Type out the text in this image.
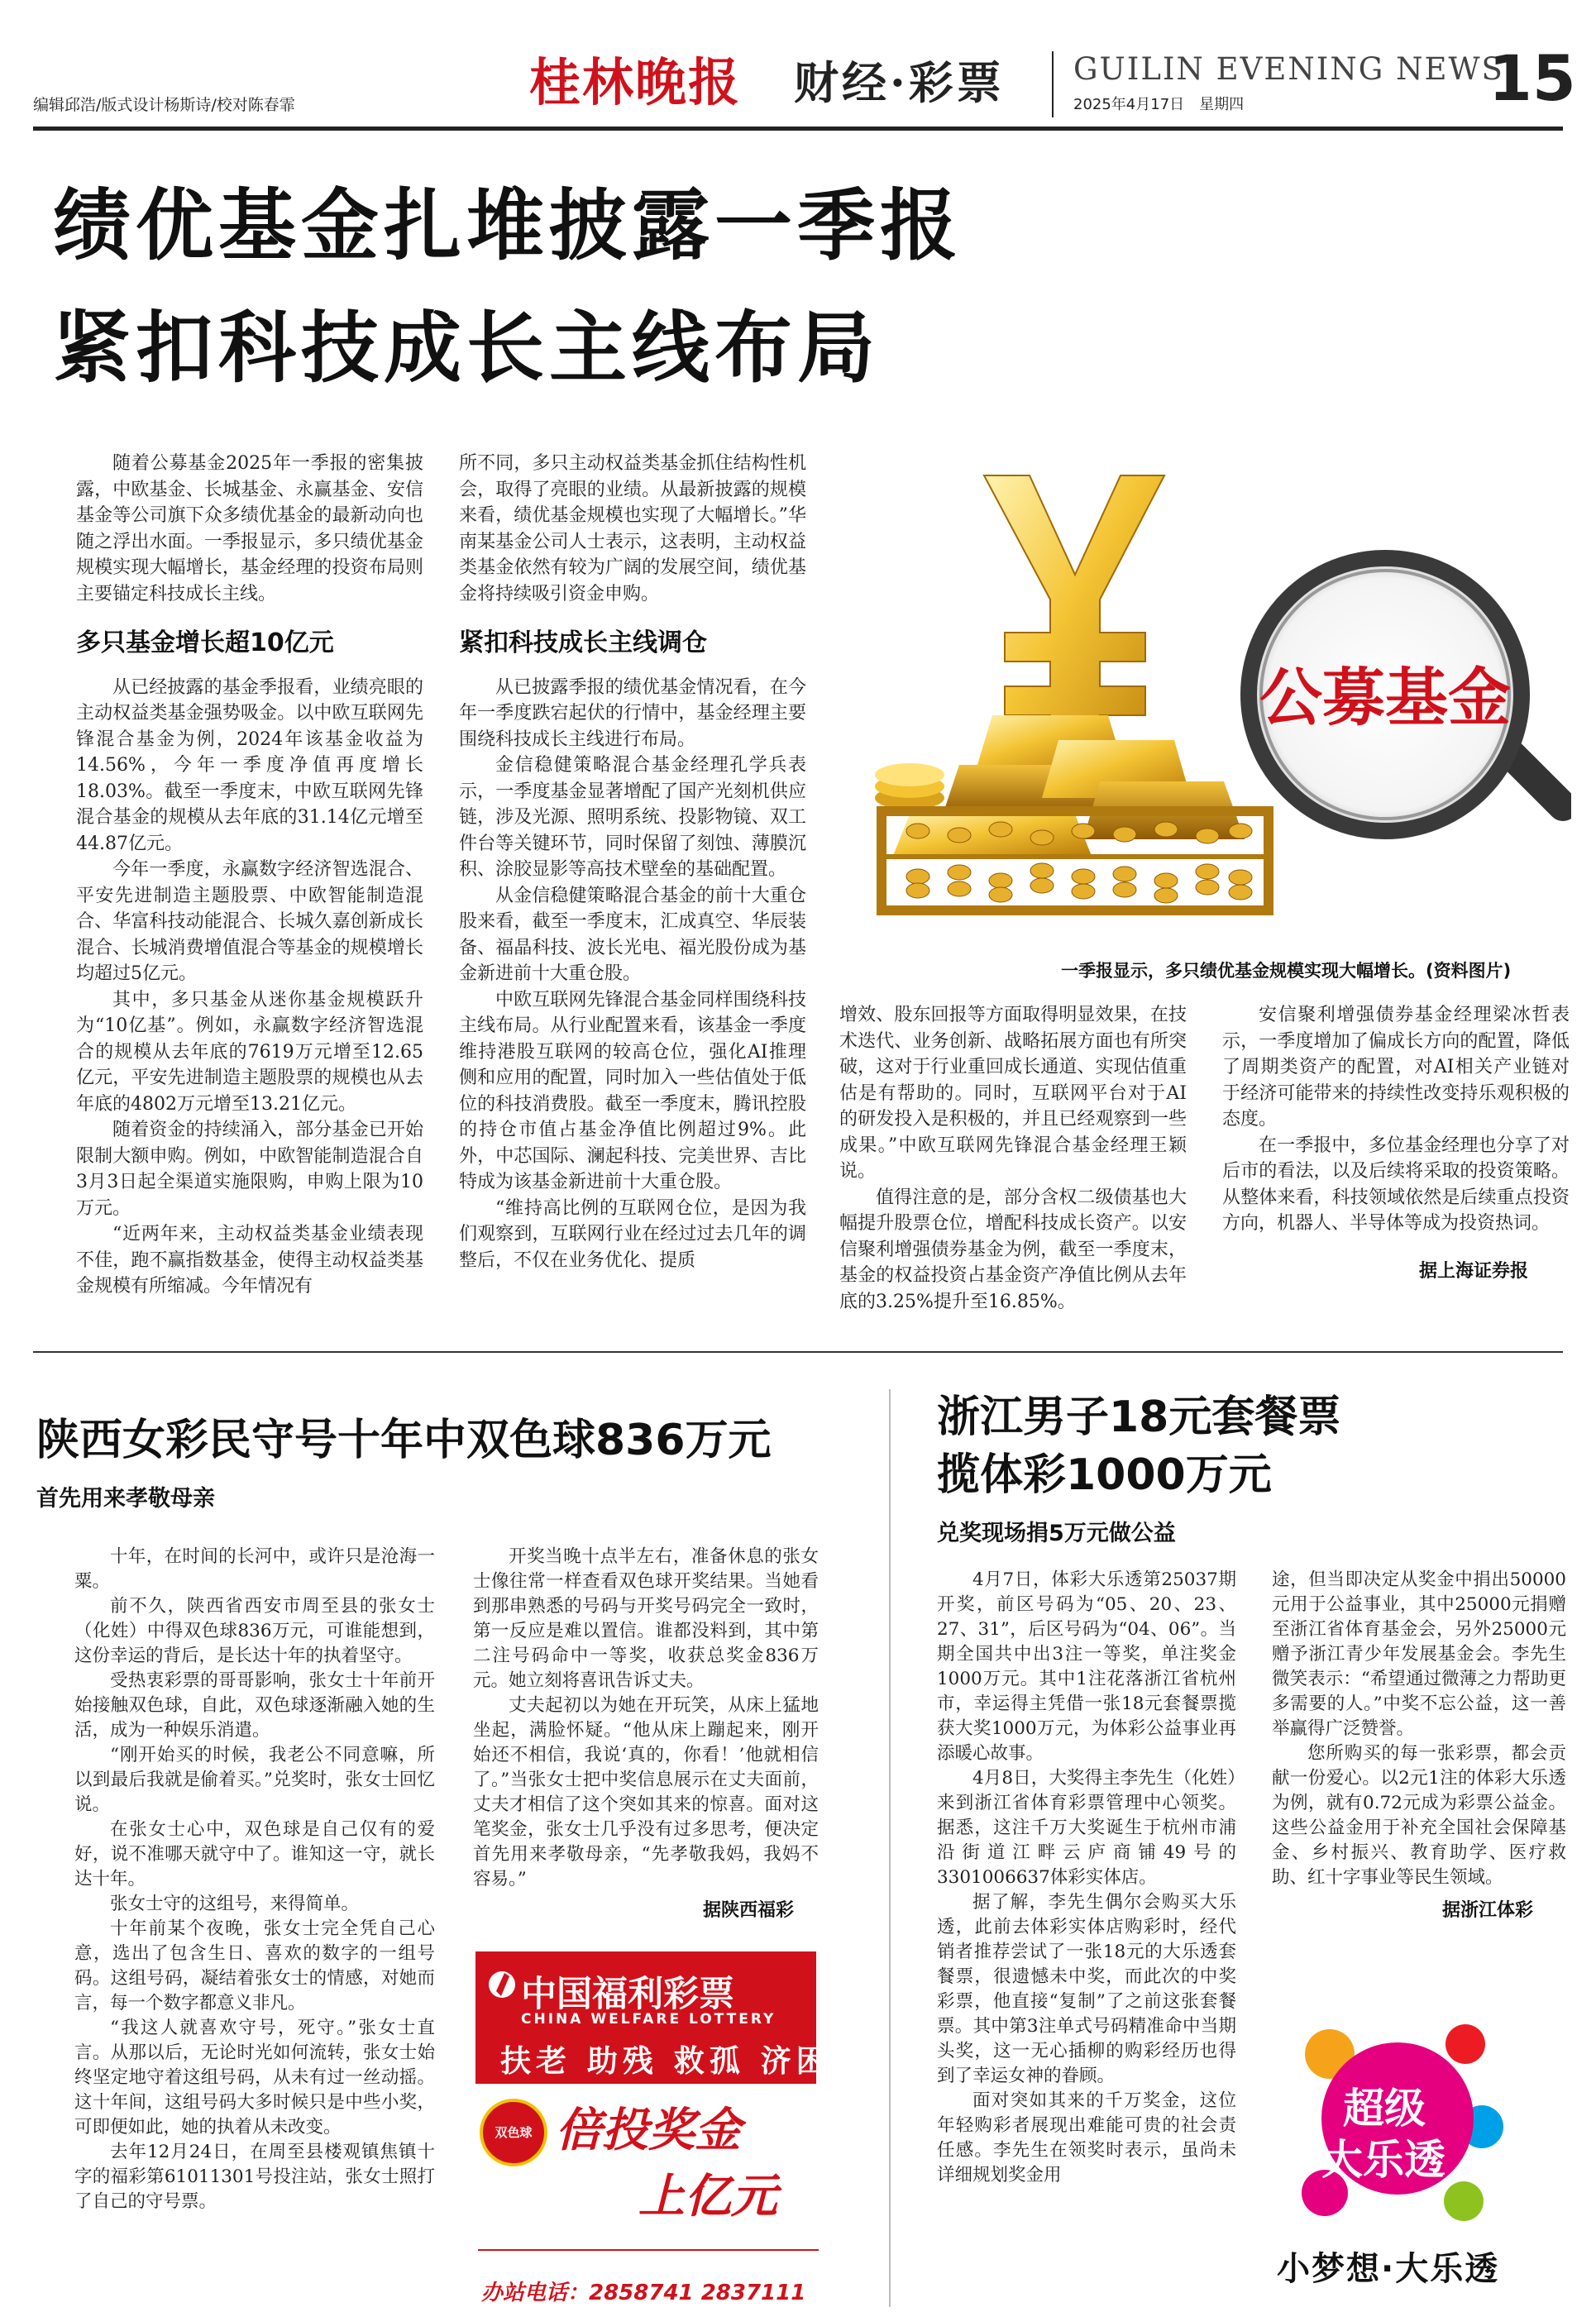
编辑邱浩/版式设计杨斯诗/校对陈春霏	桂林晚报 财经·彩票 GUILIN EVENING NEWS
2025年4月17日　星期四	15
绩优基金扎堆披露一季报
紧扣科技成长主线布局

随着公募基金2025年一季报的密集披露，中欧基金、长城基金、永赢基金、安信基金等公司旗下众多绩优基金的最新动向也随之浮出水面。一季报显示，多只绩优基金规模实现大幅增长，基金经理的投资布局则主要锚定科技成长主线。

多只基金增长超10亿元

从已经披露的基金季报看，业绩亮眼的主动权益类基金强势吸金。以中欧互联网先锋混合基金为例，2024年该基金收益为14.56%，今年一季度净值再度增长18.03%。截至一季度末，中欧互联网先锋混合基金的规模从去年底的31.14亿元增至44.87亿元。

今年一季度，永赢数字经济智选混合、平安先进制造主题股票、中欧智能制造混合、华富科技动能混合、长城久嘉创新成长混合、长城消费增值混合等基金的规模增长均超过5亿元。

其中，多只基金从迷你基金规模跃升为“10亿基”。例如，永赢数字经济智选混合的规模从去年底的7619万元增至12.65亿元，平安先进制造主题股票的规模也从去年底的4802万元增至13.21亿元。

随着资金的持续涌入，部分基金已开始限制大额申购。例如，中欧智能制造混合自3月3日起全渠道实施限购，申购上限为10万元。

“近两年来，主动权益类基金业绩表现不佳，跑不赢指数基金，使得主动权益类基金规模有所缩减。今年情况有

所不同，多只主动权益类基金抓住结构性机会，取得了亮眼的业绩。从最新披露的规模来看，绩优基金规模也实现了大幅增长。”华南某基金公司人士表示，这表明，主动权益类基金依然有较为广阔的发展空间，绩优基金将持续吸引资金申购。

紧扣科技成长主线调仓

从已披露季报的绩优基金情况看，在今年一季度跌宕起伏的行情中，基金经理主要围绕科技成长主线进行布局。

金信稳健策略混合基金经理孔学兵表示，一季度基金显著增配了国产光刻机供应链，涉及光源、照明系统、投影物镜、双工件台等关键环节，同时保留了刻蚀、薄膜沉积、涂胶显影等高技术壁垒的基础配置。

从金信稳健策略混合基金的前十大重仓股来看，截至一季度末，汇成真空、华辰装备、福晶科技、波长光电、福光股份成为基金新进前十大重仓股。

中欧互联网先锋混合基金同样围绕科技主线布局。从行业配置来看，该基金一季度维持港股互联网的较高仓位，强化AI推理侧和应用的配置，同时加入一些估值处于低位的科技消费股。截至一季度末，腾讯控股的持仓市值占基金净值比例超过9%。此外，中芯国际、澜起科技、完美世界、吉比特成为该基金新进前十大重仓股。

“维持高比例的互联网仓位，是因为我们观察到，互联网行业在经过过去几年的调整后，不仅在业务优化、提质

公募基金
一季报显示，多只绩优基金规模实现大幅增长。(资料图片)

增效、股东回报等方面取得明显效果，在技术迭代、业务创新、战略拓展方面也有所突破，这对于行业重回成长通道、实现估值重估是有帮助的。同时，互联网平台对于AI的研发投入是积极的，并且已经观察到一些成果。”中欧互联网先锋混合基金经理王颖说。

值得注意的是，部分含权二级债基也大幅提升股票仓位，增配科技成长资产。以安信聚利增强债券基金为例，截至一季度末，基金的权益投资占基金资产净值比例从去年底的3.25%提升至16.85%。

安信聚利增强债券基金经理梁冰哲表示，一季度增加了偏成长方向的配置，降低了周期类资产的配置，对AI相关产业链对于经济可能带来的持续性改变持乐观积极的态度。

在一季报中，多位基金经理也分享了对后市的看法，以及后续将采取的投资策略。从整体来看，科技领域依然是后续重点投资方向，机器人、半导体等成为投资热词。

据上海证券报
陕西女彩民守号十年中双色球836万元
首先用来孝敬母亲

十年，在时间的长河中，或许只是沧海一粟。

前不久，陕西省西安市周至县的张女士（化姓）中得双色球836万元，可谁能想到，这份幸运的背后，是长达十年的执着坚守。

受热衷彩票的哥哥影响，张女士十年前开始接触双色球，自此，双色球逐渐融入她的生活，成为一种娱乐消遣。

“刚开始买的时候，我老公不同意嘛，所以到最后我就是偷着买。”兑奖时，张女士回忆说。

在张女士心中，双色球是自己仅有的爱好，说不准哪天就守中了。谁知这一守，就长达十年。

张女士守的这组号，来得简单。

十年前某个夜晚，张女士完全凭自己心意，选出了包含生日、喜欢的数字的一组号码。这组号码，凝结着张女士的情感，对她而言，每一个数字都意义非凡。

“我这人就喜欢守号，死守。”张女士直言。从那以后，无论时光如何流转，张女士始终坚定地守着这组号码，从未有过一丝动摇。这十年间，这组号码大多时候只是中些小奖，可即便如此，她的执着从未改变。

去年12月24日，在周至县楼观镇焦镇十字的福彩第61011301号投注站，张女士照打了自己的守号票。

开奖当晚十点半左右，准备休息的张女士像往常一样查看双色球开奖结果。当她看到那串熟悉的号码与开奖号码完全一致时，第一反应是难以置信。谁都没料到，其中第二注号码命中一等奖，收获总奖金836万元。她立刻将喜讯告诉丈夫。

丈夫起初以为她在开玩笑，从床上猛地坐起，满脸怀疑。“他从床上蹦起来，刚开始还不相信，我说‘真的，你看！’他就相信了。”当张女士把中奖信息展示在丈夫面前，丈夫才相信了这个突如其来的惊喜。面对这笔奖金，张女士几乎没有过多思考，便决定首先用来孝敬母亲，“先孝敬我妈，我妈不容易。”

据陕西福彩
中国福利彩票
CHINA WELFARE LOTTERY
扶老 助残 救孤 济困
双色球 倍投奖金
上亿元
办站电话：2858741 2837111
浙江男子18元套餐票
揽体彩1000万元
兑奖现场捐5万元做公益

4月7日，体彩大乐透第25037期开奖，前区号码为“05、20、23、27、31”，后区号码为“04、06”。当期全国共中出3注一等奖，单注奖金1000万元。其中1注花落浙江省杭州市，幸运得主凭借一张18元套餐票揽获大奖1000万元，为体彩公益事业再添暖心故事。

4月8日，大奖得主李先生（化姓）来到浙江省体育彩票管理中心领奖。据悉，这注千万大奖诞生于杭州市浦沿街道江畔云庐商铺49号的3301006637体彩实体店。

据了解，李先生偶尔会购买大乐透，此前去体彩实体店购彩时，经代销者推荐尝试了一张18元的大乐透套餐票，很遗憾未中奖，而此次的中奖彩票，他直接“复制”了之前这张套餐票。其中第3注单式号码精准命中当期头奖，这一无心插柳的购彩经历也得到了幸运女神的眷顾。

面对突如其来的千万奖金，这位年轻购彩者展现出难能可贵的社会责任感。李先生在领奖时表示，虽尚未详细规划奖金用

途，但当即决定从奖金中捐出50000元用于公益事业，其中25000元捐赠至浙江省体育基金会，另外25000元赠予浙江青少年发展基金会。李先生微笑表示：“希望通过微薄之力帮助更多需要的人。”中奖不忘公益，这一善举赢得广泛赞誉。

您所购买的每一张彩票，都会贡献一份爱心。以2元1注的体彩大乐透为例，就有0.72元成为彩票公益金。这些公益金用于补充全国社会保障基金、乡村振兴、教育助学、医疗救助、红十字事业等民生领域。

据浙江体彩
超级
大乐透
小梦想·大乐透
